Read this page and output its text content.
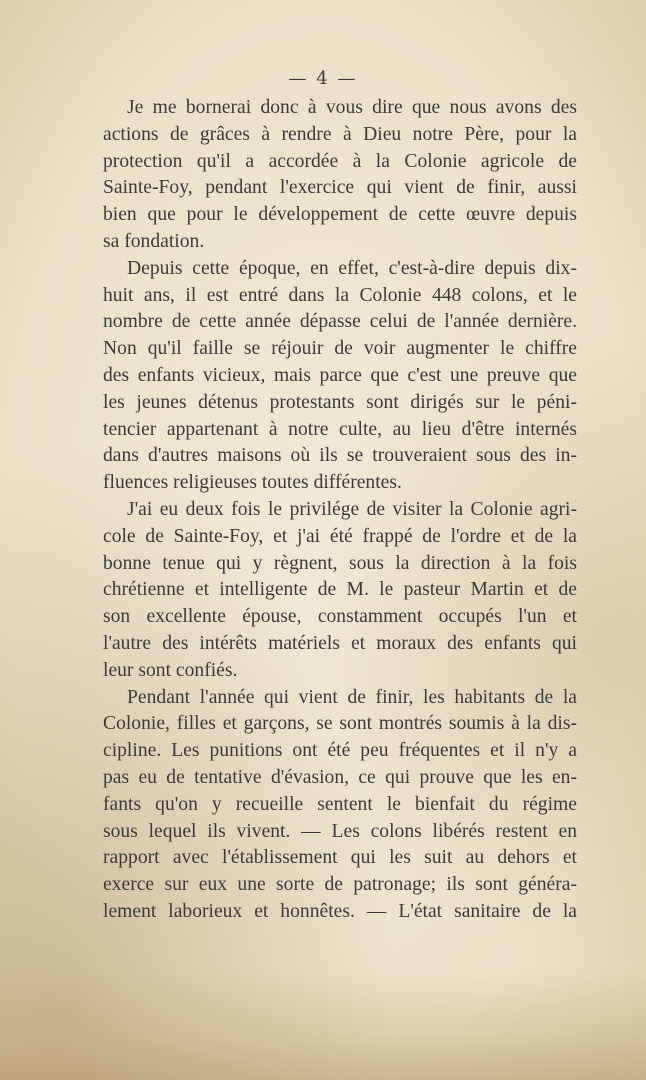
— 4 —
Je me bornerai donc à vous dire que nous avons des
actions de grâces à rendre à Dieu notre Père, pour la
protection qu'il a accordée à la Colonie agricole de
Sainte-Foy, pendant l'exercice qui vient de finir, aussi
bien que pour le développement de cette œuvre depuis
sa fondation.
Depuis cette époque, en effet, c'est-à-dire depuis dix-
huit ans, il est entré dans la Colonie 448 colons, et le
nombre de cette année dépasse celui de l'année dernière.
Non qu'il faille se réjouir de voir augmenter le chiffre
des enfants vicieux, mais parce que c'est une preuve que
les jeunes détenus protestants sont dirigés sur le péni-
tencier appartenant à notre culte, au lieu d'être internés
dans d'autres maisons où ils se trouveraient sous des in-
fluences religieuses toutes différentes.
J'ai eu deux fois le privilége de visiter la Colonie agri-
cole de Sainte-Foy, et j'ai été frappé de l'ordre et de la
bonne tenue qui y règnent, sous la direction à la fois
chrétienne et intelligente de M. le pasteur Martin et de
son excellente épouse, constamment occupés l'un et
l'autre des intérêts matériels et moraux des enfants qui
leur sont confiés.
Pendant l'année qui vient de finir, les habitants de la
Colonie, filles et garçons, se sont montrés soumis à la dis-
cipline. Les punitions ont été peu fréquentes et il n'y a
pas eu de tentative d'évasion, ce qui prouve que les en-
fants qu'on y recueille sentent le bienfait du régime
sous lequel ils vivent. — Les colons libérés restent en
rapport avec l'établissement qui les suit au dehors et
exerce sur eux une sorte de patronage; ils sont généra-
lement laborieux et honnêtes. — L'état sanitaire de la
